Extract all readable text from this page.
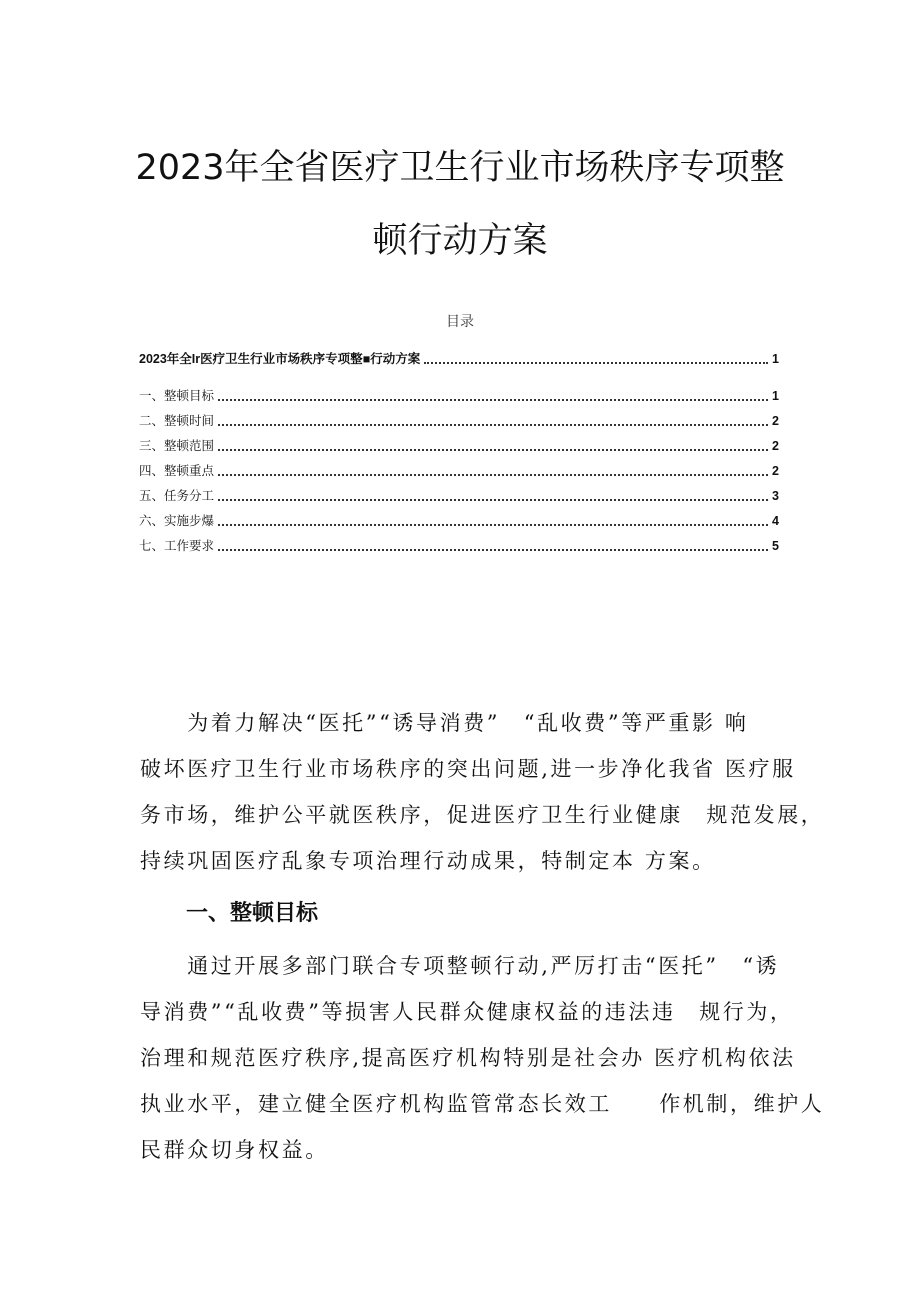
2023年全省医疗卫生行业市场秩序专项整
顿行动方案
目录
2023年全Ir医疗卫生行业市场秩序专项整■行动方案	1
一、整顿目标	1
二、整顿时间	2
三、整顿范围	2
四、整顿重点	2
五、任务分工	3
六、实施步爆	4
七、工作要求	5
　　为着力解决“医托”“诱导消费”　“乱收费”等严重影 响
破坏医疗卫生行业市场秩序的突出问题,进一步净化我省 医疗服
务市场，维护公平就医秩序，促进医疗卫生行业健康　规范发展，
持续巩固医疗乱象专项治理行动成果，特制定本 方案。
一、整顿目标
　　通过开展多部门联合专项整顿行动,严厉打击“医托”　“诱
导消费”“乱收费”等损害人民群众健康权益的违法违　规行为，
治理和规范医疗秩序,提高医疗机构特别是社会办 医疗机构依法
执业水平，建立健全医疗机构监管常态长效工　　作机制，维护人
民群众切身权益。
